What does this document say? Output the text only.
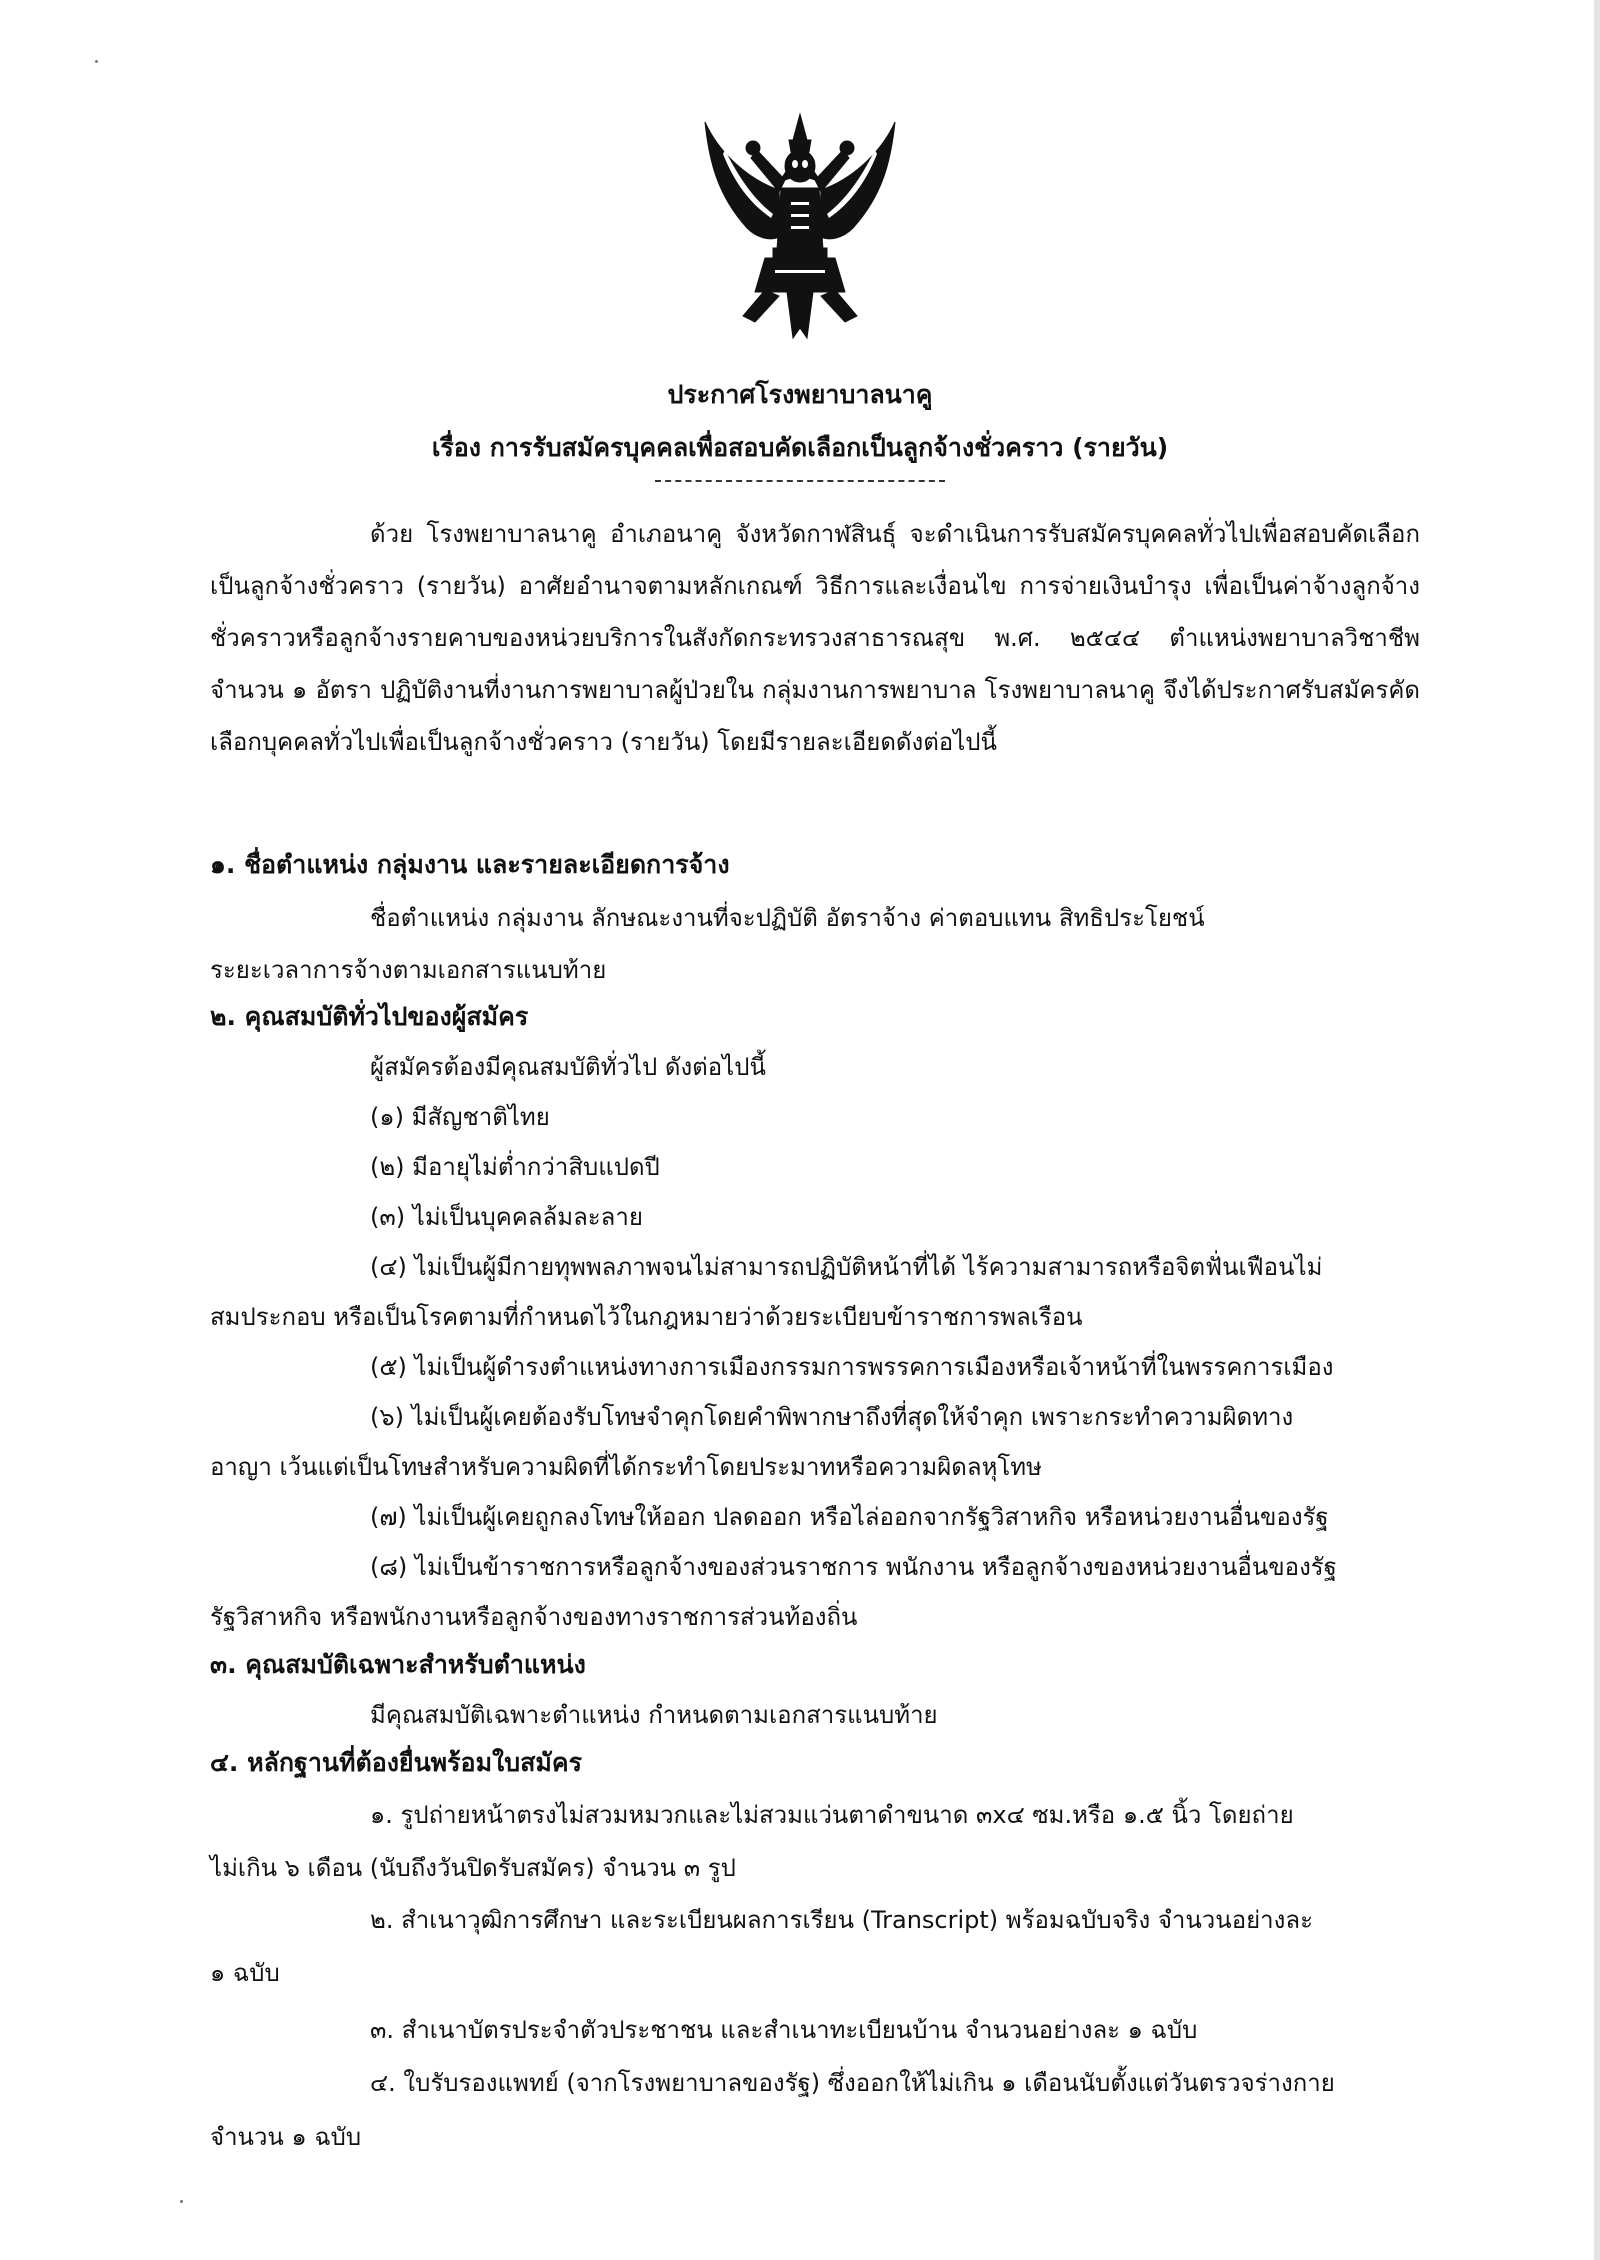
ประกาศโรงพยาบาลนาคู
เรื่อง การรับสมัครบุคคลเพื่อสอบคัดเลือกเป็นลูกจ้างชั่วคราว (รายวัน)
ด้วย โรงพยาบาลนาคู อำเภอนาคู จังหวัดกาฬสินธุ์ จะดำเนินการรับสมัครบุคคลทั่วไปเพื่อสอบคัดเลือกเป็นลูกจ้างชั่วคราว (รายวัน) อาศัยอำนาจตามหลักเกณฑ์ วิธีการและเงื่อนไข การจ่ายเงินบำรุง เพื่อเป็นค่าจ้างลูกจ้างชั่วคราวหรือลูกจ้างรายคาบของหน่วยบริการในสังกัดกระทรวงสาธารณสุข พ.ศ. ๒๕๔๔ ตำแหน่งพยาบาลวิชาชีพ จำนวน ๑ อัตรา ปฏิบัติงานที่งานการพยาบาลผู้ป่วยใน กลุ่มงานการพยาบาล โรงพยาบาลนาคู จึงได้ประกาศรับสมัครคัดเลือกบุคคลทั่วไปเพื่อเป็นลูกจ้างชั่วคราว (รายวัน) โดยมีรายละเอียดดังต่อไปนี้
๑. ชื่อตำแหน่ง กลุ่มงาน และรายละเอียดการจ้าง
ชื่อตำแหน่ง กลุ่มงาน ลักษณะงานที่จะปฏิบัติ อัตราจ้าง ค่าตอบแทน สิทธิประโยชน์
ระยะเวลาการจ้างตามเอกสารแนบท้าย
๒. คุณสมบัติทั่วไปของผู้สมัคร
ผู้สมัครต้องมีคุณสมบัติทั่วไป ดังต่อไปนี้
(๑) มีสัญชาติไทย
(๒) มีอายุไม่ต่ำกว่าสิบแปดปี
(๓) ไม่เป็นบุคคลล้มละลาย
(๔) ไม่เป็นผู้มีกายทุพพลภาพจนไม่สามารถปฏิบัติหน้าที่ได้ ไร้ความสามารถหรือจิตฟั่นเฟือนไม่
สมประกอบ หรือเป็นโรคตามที่กำหนดไว้ในกฎหมายว่าด้วยระเบียบข้าราชการพลเรือน
(๕) ไม่เป็นผู้ดำรงตำแหน่งทางการเมืองกรรมการพรรคการเมืองหรือเจ้าหน้าที่ในพรรคการเมือง
(๖) ไม่เป็นผู้เคยต้องรับโทษจำคุกโดยคำพิพากษาถึงที่สุดให้จำคุก เพราะกระทำความผิดทาง
อาญา เว้นแต่เป็นโทษสำหรับความผิดที่ได้กระทำโดยประมาทหรือความผิดลหุโทษ
(๗) ไม่เป็นผู้เคยถูกลงโทษให้ออก ปลดออก หรือไล่ออกจากรัฐวิสาหกิจ หรือหน่วยงานอื่นของรัฐ
(๘) ไม่เป็นข้าราชการหรือลูกจ้างของส่วนราชการ พนักงาน หรือลูกจ้างของหน่วยงานอื่นของรัฐ
รัฐวิสาหกิจ หรือพนักงานหรือลูกจ้างของทางราชการส่วนท้องถิ่น
๓. คุณสมบัติเฉพาะสำหรับตำแหน่ง
มีคุณสมบัติเฉพาะตำแหน่ง กำหนดตามเอกสารแนบท้าย
๔. หลักฐานที่ต้องยื่นพร้อมใบสมัคร
๑. รูปถ่ายหน้าตรงไม่สวมหมวกและไม่สวมแว่นตาดำขนาด ๓x๔ ซม.หรือ ๑.๕ นิ้ว โดยถ่าย
ไม่เกิน ๖ เดือน (นับถึงวันปิดรับสมัคร) จำนวน ๓ รูป
๒. สำเนาวุฒิการศึกษา และระเบียนผลการเรียน (Transcript) พร้อมฉบับจริง จำนวนอย่างละ
๑ ฉบับ
๓. สำเนาบัตรประจำตัวประชาชน และสำเนาทะเบียนบ้าน จำนวนอย่างละ ๑ ฉบับ
๔. ใบรับรองแพทย์ (จากโรงพยาบาลของรัฐ) ซึ่งออกให้ไม่เกิน ๑ เดือนนับตั้งแต่วันตรวจร่างกาย
จำนวน ๑ ฉบับ
